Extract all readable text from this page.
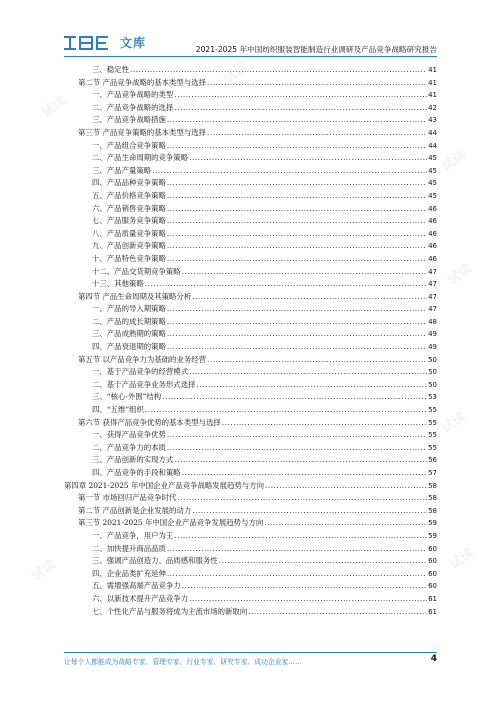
文库	2021-2025 年中国纺织服装智能制造行业调研及产品竞争战略研究报告
三、稳定性 .....	41
第二节 产品竞争战略的基本类型与选择 .....	41
一、产品竞争战略的类型 .....	41
二、产品竞争战略的选择 .....	42
三、产品竞争战略措施 .....	43
第三节 产品竞争策略的基本类型与选择 .....	44
一、产品组合竞争策略 .....	44
二、产品生命周期的竞争策略 .....	45
三、产品产量策略 .....	45
四、产品品种竞争策略 .....	45
五、产品价格竞争策略 .....	45
六、产品销售竞争策略 .....	46
七、产品服务竞争策略 .....	46
八、产品质量竞争策略 .....	46
九、产品创新竞争策略 .....	46
十、产品特色竞争策略 .....	46
十二、产品交货期竞争策略 .....	47
十三、其他策略 .....	47
第四节 产品生命周期及其策略分析 .....	47
一、产品的导入期策略 .....	47
二、产品的成长期策略 .....	48
三、产品成熟期的策略 .....	49
四、产品衰退期的策略 .....	49
第五节 以产品竞争力为基础的业务经营 .....	50
一、基于产品竞争的经营模式 .....	50
二、基于产品竞争业务形式选择 .....	50
三、“核心-外围”结构 .....	53
四、“五维”组织 .....	55
第六节 获得产品竞争优势的基本类型与选择 .....	55
一、获得产品竞争优势 .....	55
二、产品竞争力的本质 .....	55
三、产品创新的实现方式 .....	56
四、产品竞争的手段和策略 .....	57
第四章 2021-2025 年中国企业产品竞争战略发展趋势与方向 .....	58
第一节 市场回归产品竞争时代 .....	58
第二节 产品创新是企业发展的动力 .....	58
第三节 2021-2025 年中国企业产品竞争发展趋势与方向 .....	59
一、产品竞争，用户为王 .....	59
二、加快提升商品品质 .....	60
三、强调产品创造力、品质感和服务性 .....	60
四、企业品类扩充延伸 .....	60
五、需增强高端产品竞争力 .....	60
六、以新技术提升产品竞争力 .....	61
七、个性化产品与服务将成为主流市场的新取向 .....	61
试读
试读
试读
试读
试读
试读
试读
让每个人都能成为战略专家、管理专家、行业专家、研究专家、成功企业家……	4
